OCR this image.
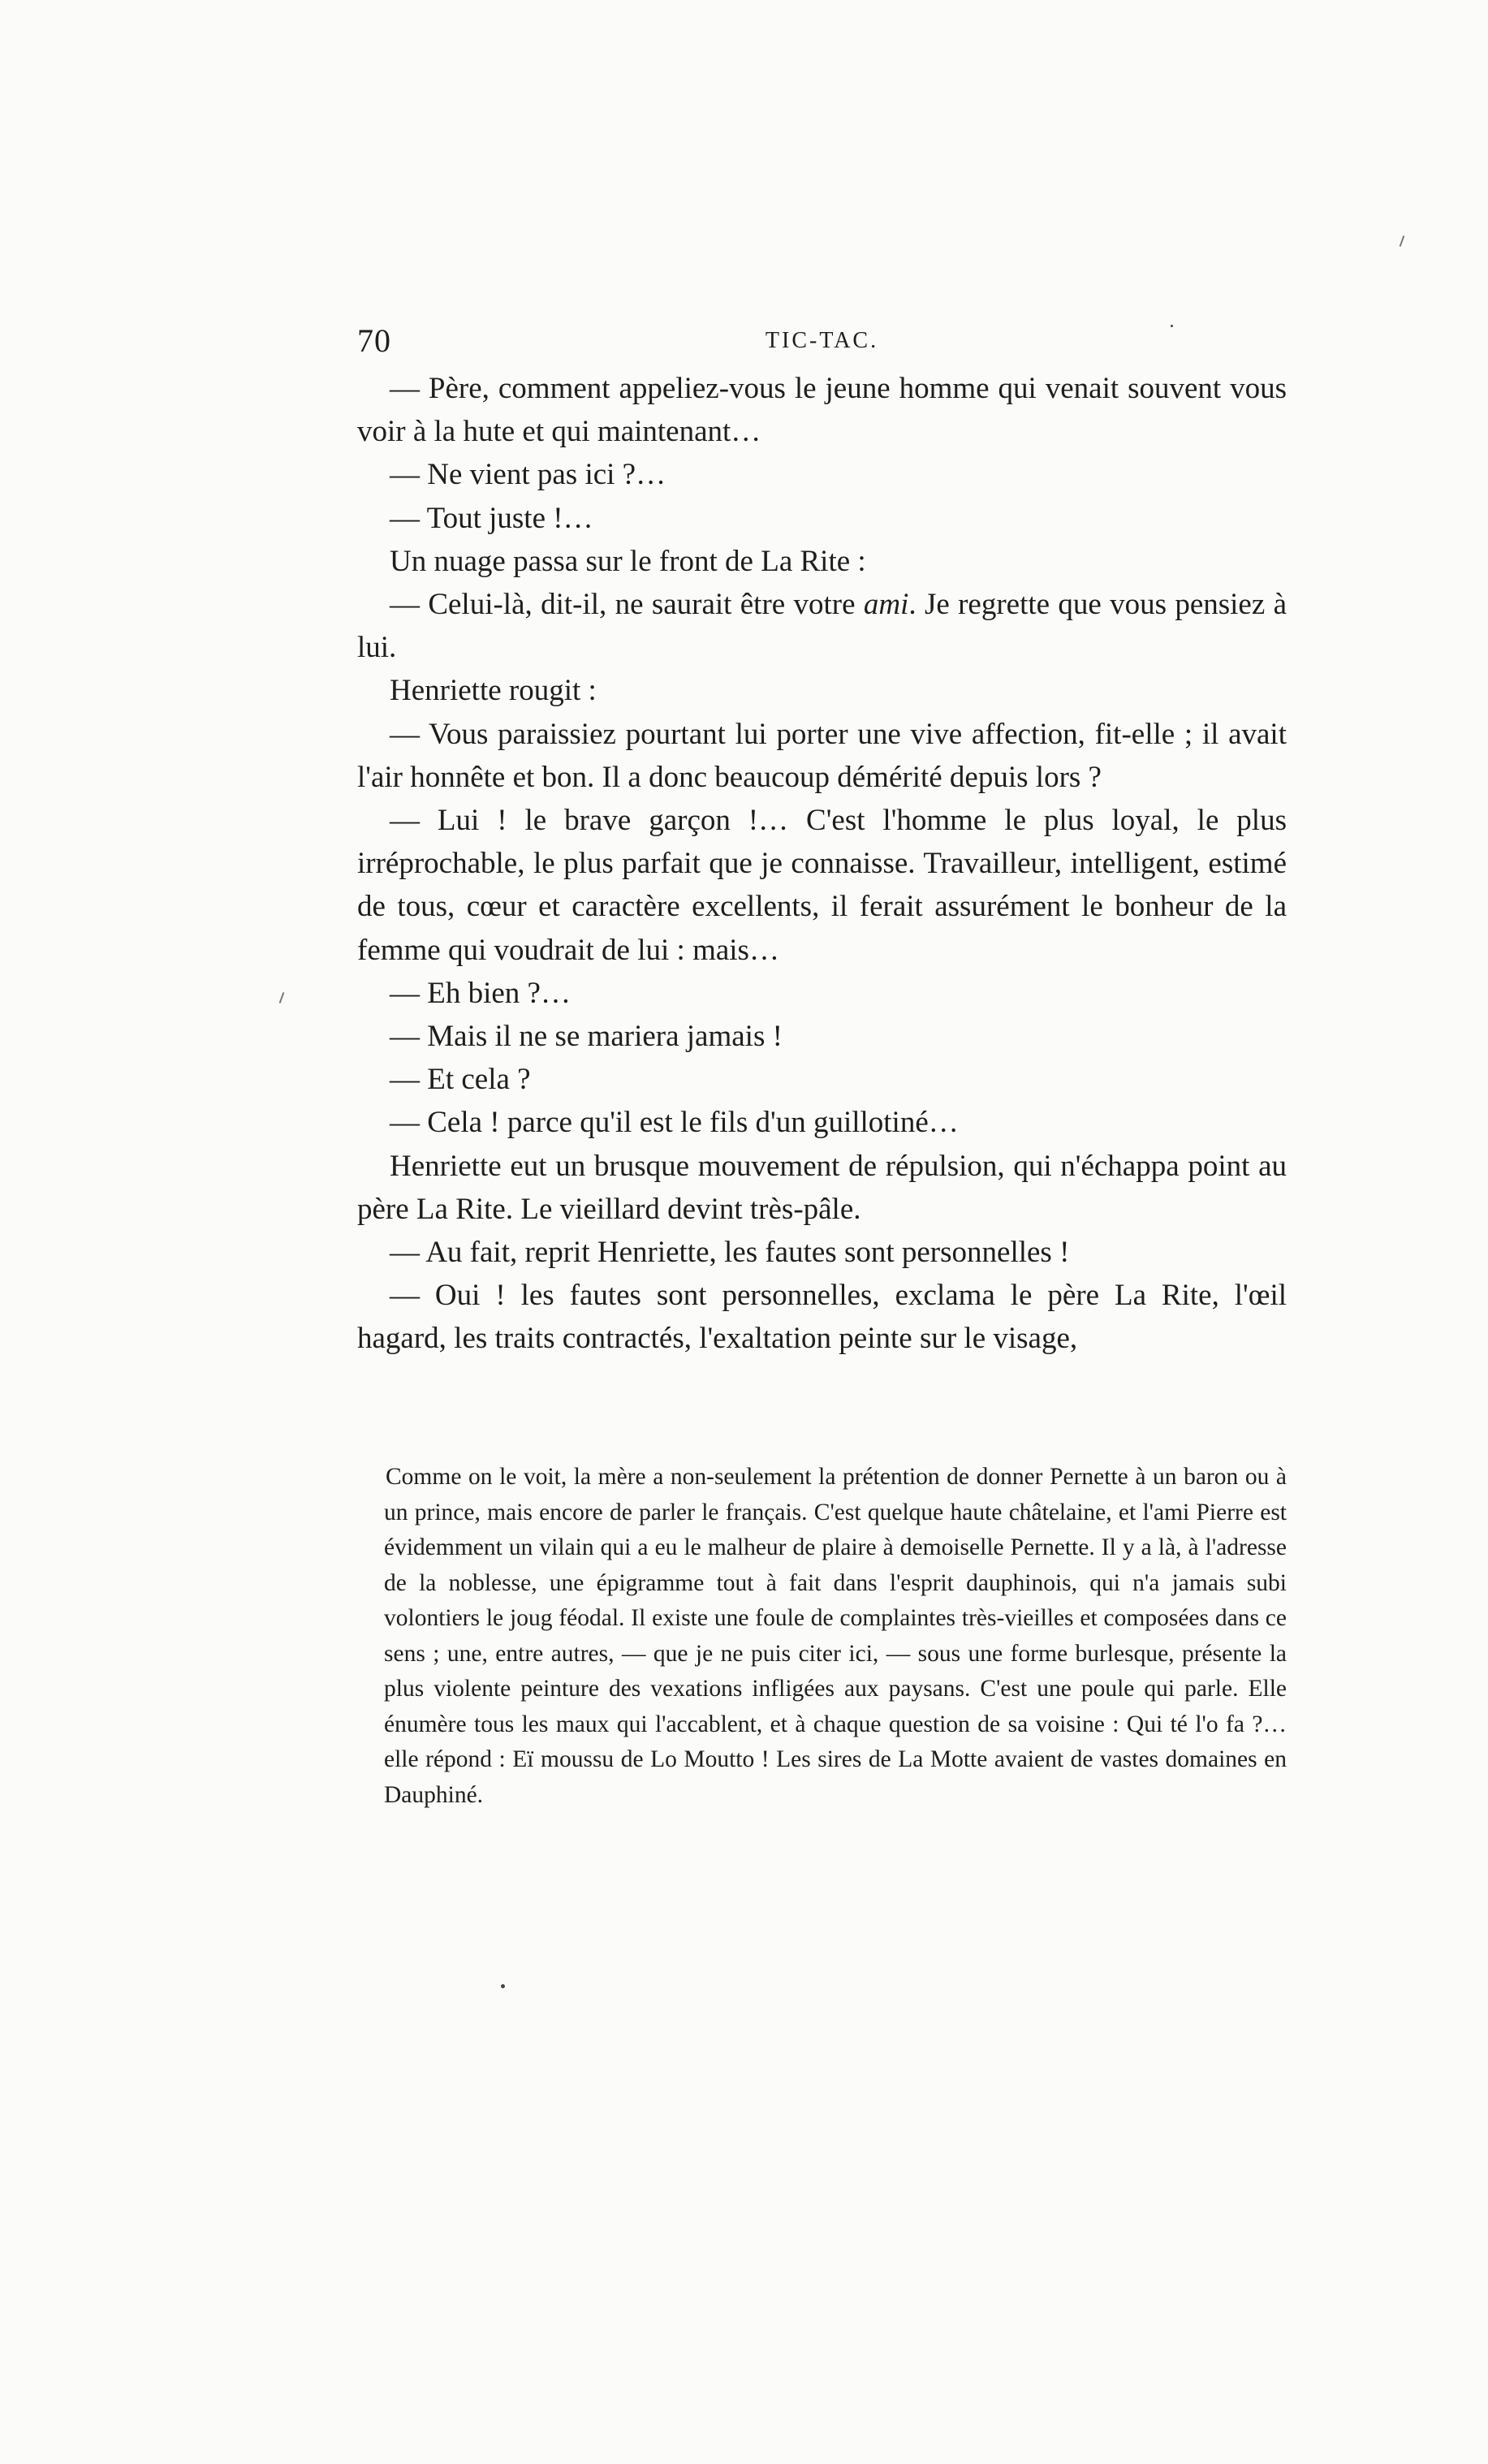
70	TIC-TAC.

— Père, comment appeliez-vous le jeune homme qui venait souvent vous voir à la hute et qui maintenant…

— Ne vient pas ici ?…

— Tout juste !…

Un nuage passa sur le front de La Rite :

— Celui-là, dit-il, ne saurait être votre ami. Je regrette que vous pensiez à lui.

Henriette rougit :

— Vous paraissiez pourtant lui porter une vive affection, fit-elle ; il avait l'air honnête et bon. Il a donc beaucoup démérité depuis lors ?

— Lui ! le brave garçon !… C'est l'homme le plus loyal, le plus irréprochable, le plus parfait que je connaisse. Travailleur, intelligent, estimé de tous, cœur et caractère excellents, il ferait assurément le bonheur de la femme qui voudrait de lui : mais…

— Eh bien ?…

— Mais il ne se mariera jamais !

— Et cela ?

— Cela ! parce qu'il est le fils d'un guillotiné…

Henriette eut un brusque mouvement de répulsion, qui n'échappa point au père La Rite. Le vieillard devint très-pâle.

— Au fait, reprit Henriette, les fautes sont personnelles !

— Oui ! les fautes sont personnelles, exclama le père La Rite, l'œil hagard, les traits contractés, l'exaltation peinte sur le visage,

Comme on le voit, la mère a non-seulement la prétention de donner Pernette à un baron ou à un prince, mais encore de parler le français. C'est quelque haute châtelaine, et l'ami Pierre est évidemment un vilain qui a eu le malheur de plaire à demoiselle Pernette. Il y a là, à l'adresse de la noblesse, une épigramme tout à fait dans l'esprit dauphinois, qui n'a jamais subi volontiers le joug féodal. Il existe une foule de complaintes très-vieilles et composées dans ce sens ; une, entre autres, — que je ne puis citer ici, — sous une forme burlesque, présente la plus violente peinture des vexations infligées aux paysans. C'est une poule qui parle. Elle énumère tous les maux qui l'accablent, et à chaque question de sa voisine : Qui té l'o fa ?… elle répond : Eï moussu de Lo Moutto ! Les sires de La Motte avaient de vastes domaines en Dauphiné.
